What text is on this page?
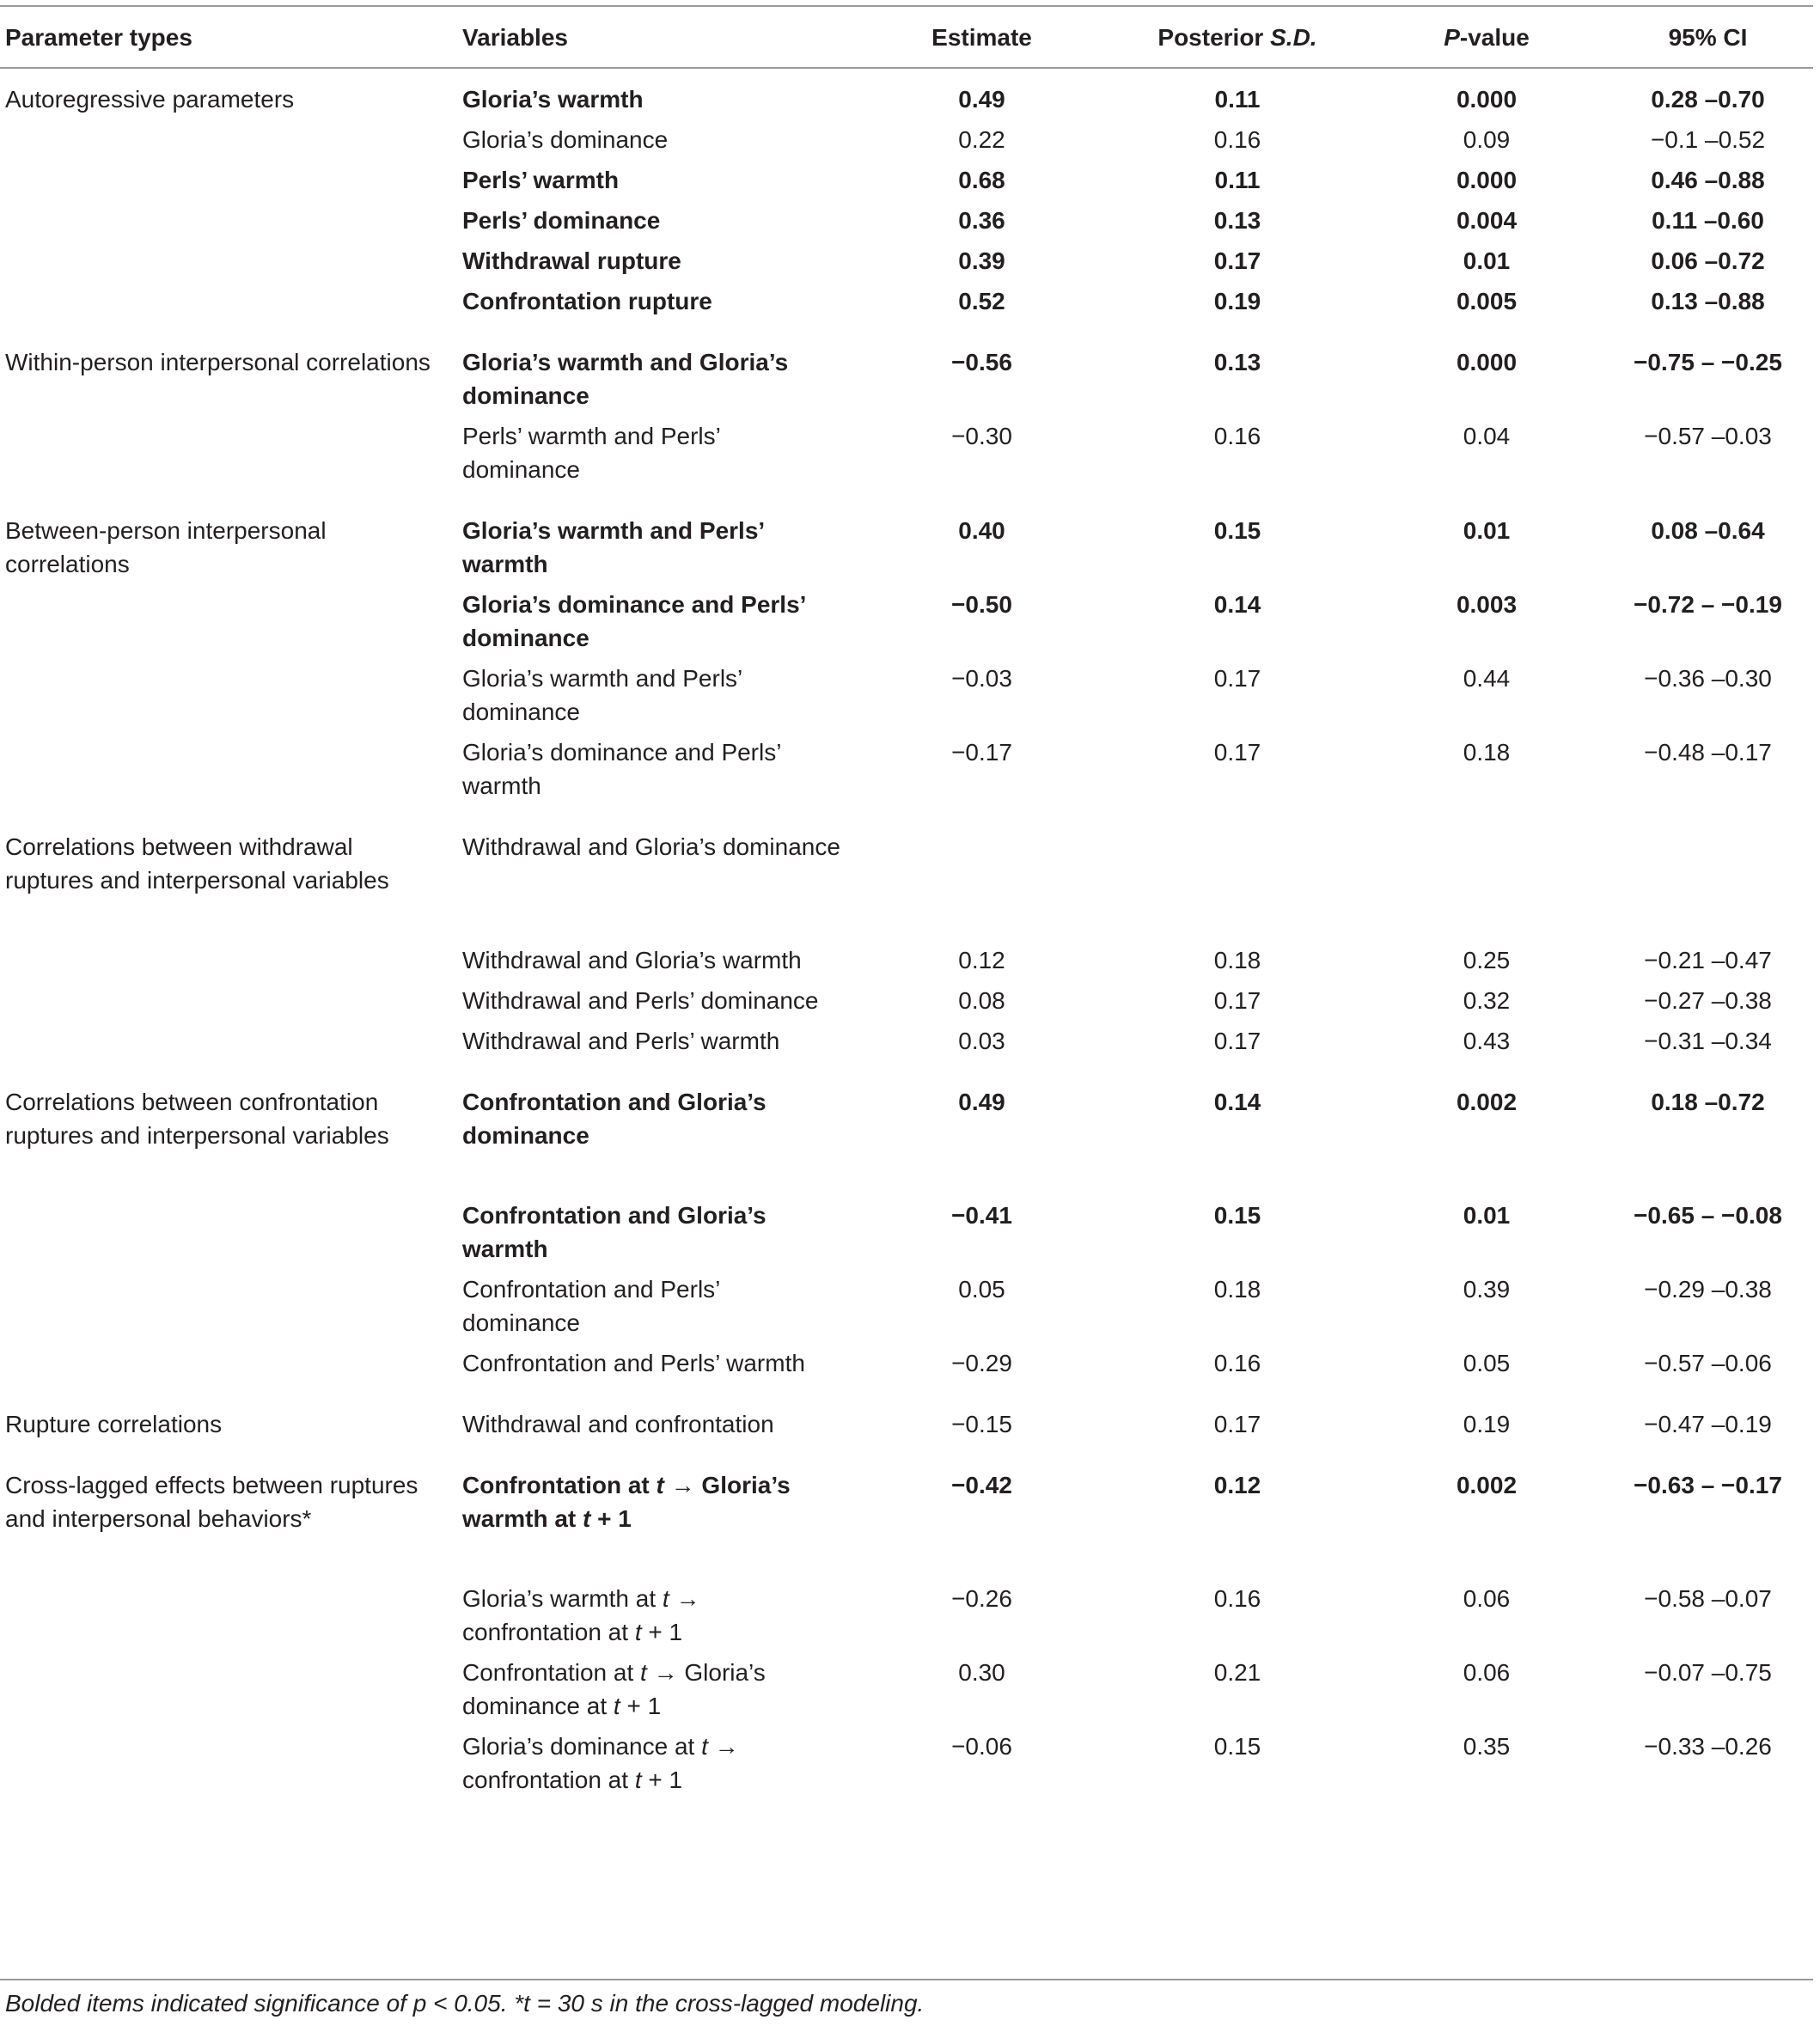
Parameter types	Variables	Estimate	Posterior S.D.	P-value	95% CI
Autoregressive parameters	Gloria’s warmth	0.49	0.11	0.000	0.28 –0.70
	Gloria’s dominance	0.22	0.16	0.09	−0.1 –0.52
	Perls’ warmth	0.68	0.11	0.000	0.46 –0.88
	Perls’ dominance	0.36	0.13	0.004	0.11 –0.60
	Withdrawal rupture	0.39	0.17	0.01	0.06 –0.72
	Confrontation rupture	0.52	0.19	0.005	0.13 –0.88
Within-person interpersonal correlations	Gloria’s warmth and Gloria’s dominance	−0.56	0.13	0.000	−0.75 – −0.25
	Perls’ warmth and Perls’ dominance	−0.30	0.16	0.04	−0.57 –0.03
Between-person interpersonal correlations	Gloria’s warmth and Perls’ warmth	0.40	0.15	0.01	0.08 –0.64
	Gloria’s dominance and Perls’ dominance	−0.50	0.14	0.003	−0.72 – −0.19
	Gloria’s warmth and Perls’ dominance	−0.03	0.17	0.44	−0.36 –0.30
	Gloria’s dominance and Perls’ warmth	−0.17	0.17	0.18	−0.48 –0.17
Correlations between withdrawal ruptures and interpersonal variables	Withdrawal and Gloria’s dominance				
	Withdrawal and Gloria’s warmth	0.12	0.18	0.25	−0.21 –0.47
	Withdrawal and Perls’ dominance	0.08	0.17	0.32	−0.27 –0.38
	Withdrawal and Perls’ warmth	0.03	0.17	0.43	−0.31 –0.34
Correlations between confrontation ruptures and interpersonal variables	Confrontation and Gloria’s dominance	0.49	0.14	0.002	0.18 –0.72
	Confrontation and Gloria’s warmth	−0.41	0.15	0.01	−0.65 – −0.08
	Confrontation and Perls’ dominance	0.05	0.18	0.39	−0.29 –0.38
	Confrontation and Perls’ warmth	−0.29	0.16	0.05	−0.57 –0.06
Rupture correlations	Withdrawal and confrontation	−0.15	0.17	0.19	−0.47 –0.19
Cross-lagged effects between ruptures and interpersonal behaviors*	Confrontation at t → Gloria’s warmth at t + 1	−0.42	0.12	0.002	−0.63 – −0.17
	Gloria’s warmth at t → confrontation at t + 1	−0.26	0.16	0.06	−0.58 –0.07
	Confrontation at t → Gloria’s dominance at t + 1	0.30	0.21	0.06	−0.07 –0.75
	Gloria’s dominance at t → confrontation at t + 1	−0.06	0.15	0.35	−0.33 –0.26
Bolded items indicated significance of p < 0.05. *t = 30 s in the cross-lagged modeling.
